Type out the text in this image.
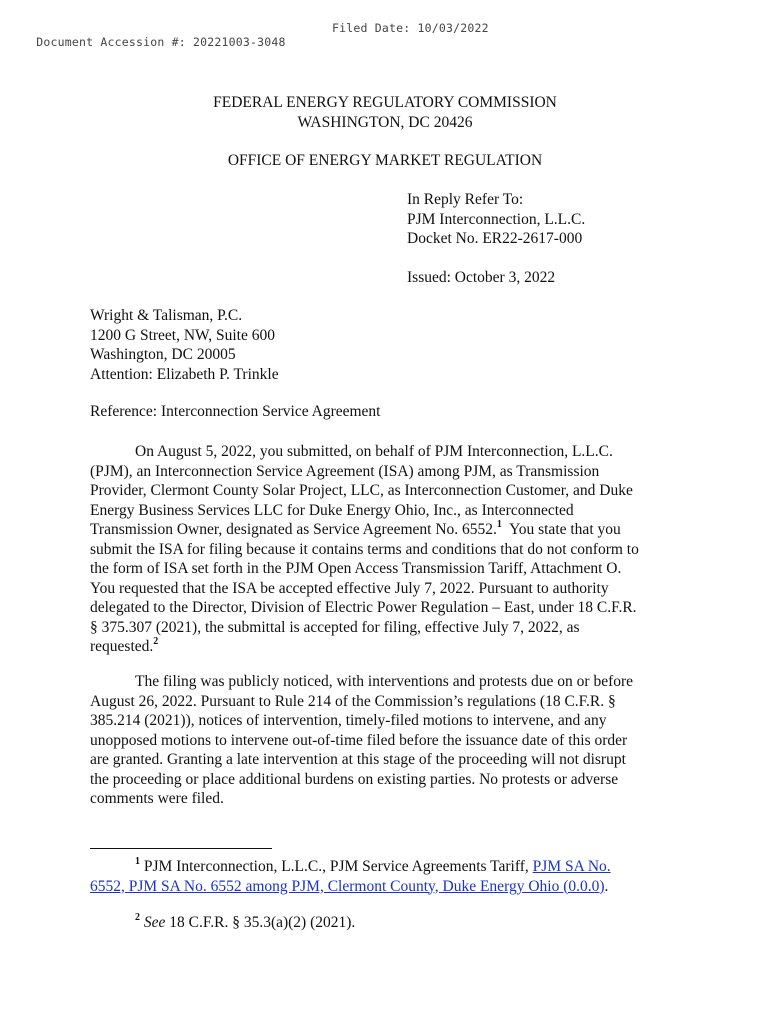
Document Accession #: 20221003-3048

Filed Date: 10/03/2022

FEDERAL ENERGY REGULATORY COMMISSION
WASHINGTON, DC 20426
OFFICE OF ENERGY MARKET REGULATION
In Reply Refer To:
PJM Interconnection, L.L.C.
Docket No. ER22-2617-000
Issued: October 3, 2022
Wright & Talisman, P.C.
1200 G Street, NW, Suite 600
Washington, DC 20005
Attention: Elizabeth P. Trinkle
Reference: Interconnection Service Agreement
On August 5, 2022, you submitted, on behalf of PJM Interconnection, L.L.C.
(PJM), an Interconnection Service Agreement (ISA) among PJM, as Transmission
Provider, Clermont County Solar Project, LLC, as Interconnection Customer, and Duke
Energy Business Services LLC for Duke Energy Ohio, Inc., as Interconnected
Transmission Owner, designated as Service Agreement No. 6552.$^1$  You state that you
submit the ISA for filing because it contains terms and conditions that do not conform to
the form of ISA set forth in the PJM Open Access Transmission Tariff, Attachment O.
You requested that the ISA be accepted effective July 7, 2022. Pursuant to authority
delegated to the Director, Division of Electric Power Regulation – East, under 18 C.F.R.
§ 375.307 (2021), the submittal is accepted for filing, effective July 7, 2022, as
requested.$^2$
The filing was publicly noticed, with interventions and protests due on or before
August 26, 2022. Pursuant to Rule 214 of the Commission’s regulations (18 C.F.R. §
385.214 (2021)), notices of intervention, timely-filed motions to intervene, and any
unopposed motions to intervene out-of-time filed before the issuance date of this order
are granted. Granting a late intervention at this stage of the proceeding will not disrupt
the proceeding or place additional burdens on existing parties. No protests or adverse
comments were filed.
$^1$ PJM Interconnection, L.L.C., PJM Service Agreements Tariff, PJM SA No.
6552, PJM SA No. 6552 among PJM, Clermont County, Duke Energy Ohio (0.0.0).
$^2$ See 18 C.F.R. § 35.3(a)(2) (2021).
